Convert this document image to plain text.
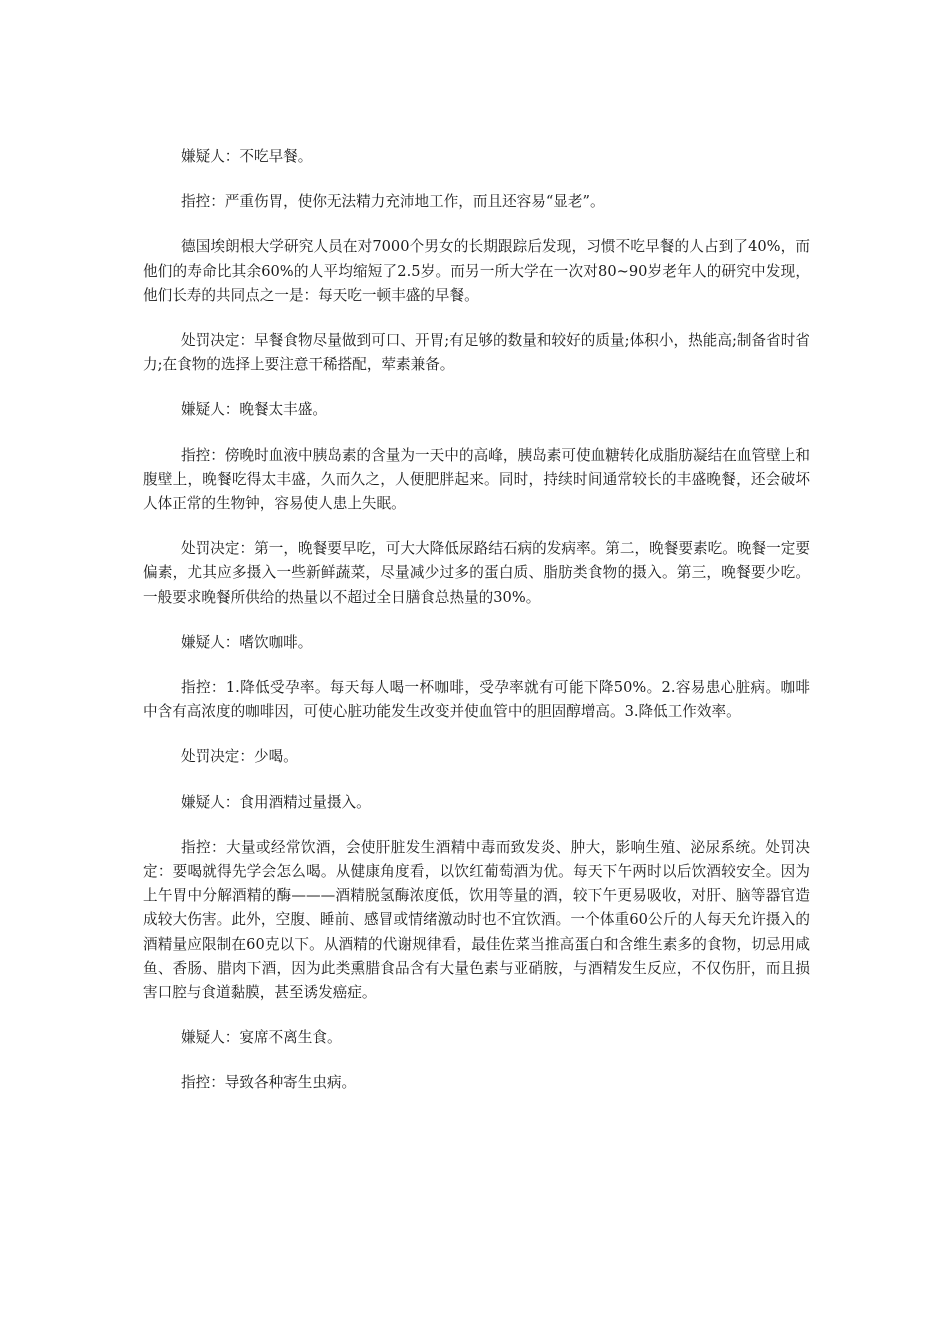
嫌疑人：不吃早餐。

指控：严重伤胃，使你无法精力充沛地工作，而且还容易“显老”。

德国埃朗根大学研究人员在对7000个男女的长期跟踪后发现，习惯不吃早餐的人占到了40%，而他们的寿命比其余60%的人平均缩短了2.5岁。而另一所大学在一次对80~90岁老年人的研究中发现，他们长寿的共同点之一是：每天吃一顿丰盛的早餐。

处罚决定：早餐食物尽量做到可口、开胃;有足够的数量和较好的质量;体积小，热能高;制备省时省力;在食物的选择上要注意干稀搭配，荤素兼备。

嫌疑人：晚餐太丰盛。

指控：傍晚时血液中胰岛素的含量为一天中的高峰，胰岛素可使血糖转化成脂肪凝结在血管壁上和腹壁上，晚餐吃得太丰盛，久而久之，人便肥胖起来。同时，持续时间通常较长的丰盛晚餐，还会破坏人体正常的生物钟，容易使人患上失眠。

处罚决定：第一，晚餐要早吃，可大大降低尿路结石病的发病率。第二，晚餐要素吃。晚餐一定要偏素，尤其应多摄入一些新鲜蔬菜，尽量减少过多的蛋白质、脂肪类食物的摄入。第三，晚餐要少吃。一般要求晚餐所供给的热量以不超过全日膳食总热量的30%。

嫌疑人：嗜饮咖啡。

指控：1.降低受孕率。每天每人喝一杯咖啡，受孕率就有可能下降50%。2.容易患心脏病。咖啡中含有高浓度的咖啡因，可使心脏功能发生改变并使血管中的胆固醇增高。3.降低工作效率。

处罚决定：少喝。

嫌疑人：食用酒精过量摄入。

指控：大量或经常饮酒，会使肝脏发生酒精中毒而致发炎、肿大，影响生殖、泌尿系统。处罚决定：要喝就得先学会怎么喝。从健康角度看，以饮红葡萄酒为优。每天下午两时以后饮酒较安全。因为上午胃中分解酒精的酶———酒精脱氢酶浓度低，饮用等量的酒，较下午更易吸收，对肝、脑等器官造成较大伤害。此外，空腹、睡前、感冒或情绪激动时也不宜饮酒。一个体重60公斤的人每天允许摄入的酒精量应限制在60克以下。从酒精的代谢规律看，最佳佐菜当推高蛋白和含维生素多的食物，切忌用咸鱼、香肠、腊肉下酒，因为此类熏腊食品含有大量色素与亚硝胺，与酒精发生反应，不仅伤肝，而且损害口腔与食道黏膜，甚至诱发癌症。

嫌疑人：宴席不离生食。

指控：导致各种寄生虫病。
